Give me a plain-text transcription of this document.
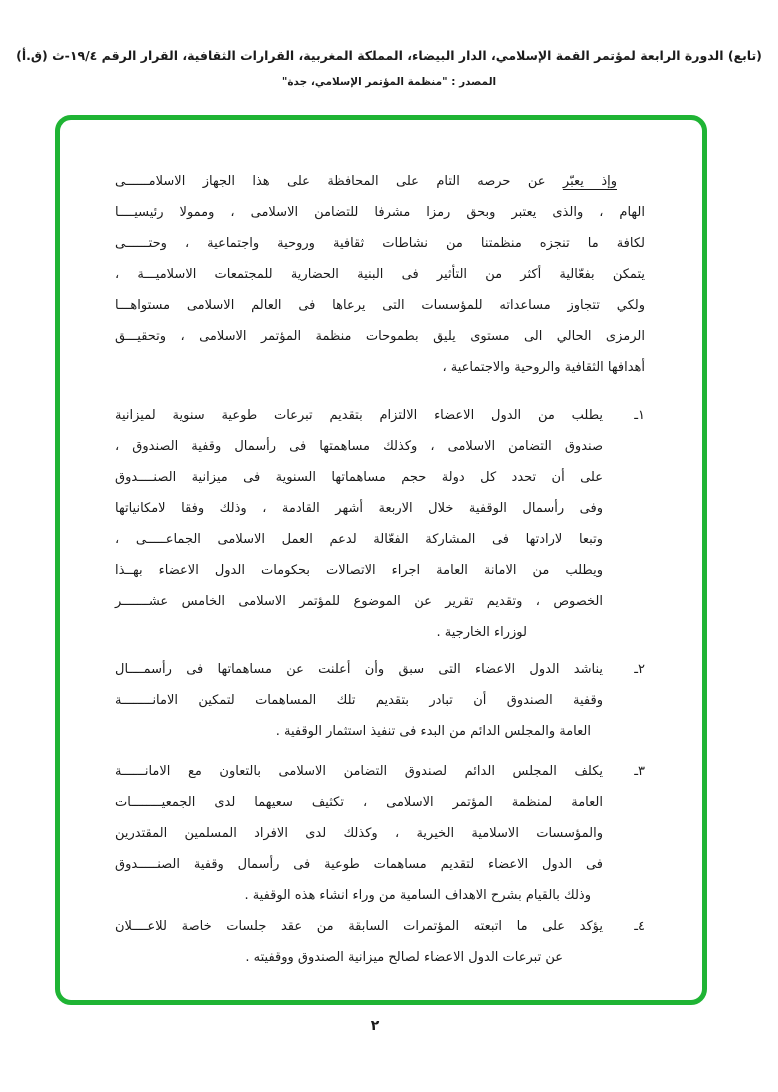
(تابع) الدورة الرابعة لمؤتمر القمة الإسلامي، الدار البيضاء، المملكة المغربية، القرارات الثقافية، القرار الرقم ١٩/٤-ث (ق.أ)
المصدر : "منظمة المؤتمر الإسلامي، جدة"
وإذ يعبّر عن حرصه التام على المحافظة على هذا الجهاز الاسلامــــــى
الهام ، والذى يعتبر وبحق رمزا مشرفا للتضامن الاسلامى ، وممولا رئيسيــــا
لكافة ما تنجزه منظمتنا من نشاطات ثقافية وروحية واجتماعية ، وحتــــــى
يتمكن بفعّالية أكثر من التأثير فى البنية الحضارية للمجتمعات الاسلاميـــة ،
ولكي تتجاوز مساعداته للمؤسسات التى يرعاها فى العالم الاسلامى مستواهـــا
الرمزى الحالي الى مستوى يليق بطموحات منظمة المؤتمر الاسلامى ، وتحقيـــق
أهدافها الثقافية والروحية والاجتماعية ،
١ـ
يطلب من الدول الاعضاء الالتزام بتقديم تبرعات طوعية سنوية لميزانية
صندوق التضامن الاسلامى ، وكذلك مساهمتها فى رأسمال وقفية الصندوق ،
على أن تحدد كل دولة حجم مساهماتها السنوية فى ميزانية الصنــــدوق
وفى رأسمال الوقفية خلال الاربعة أشهر القادمة ، وذلك وفقا لامكانياتها
وتبعا لارادتها فى المشاركة الفعّالة لدعم العمل الاسلامى الجماعـــــى ،
ويطلب من الامانة العامة اجراء الاتصالات بحكومات الدول الاعضاء بهــذا
الخصوص ، وتقديم تقرير عن الموضوع للمؤتمر الاسلامى الخامس عشـــــــر
لوزراء الخارجية .
٢ـ
يناشد الدول الاعضاء التى سبق وأن أعلنت عن مساهماتها فى رأسمــــال
وقفية الصندوق أن تبادر بتقديم تلك المساهمات لتمكين الامانــــــــة
العامة والمجلس الدائم من البدء فى تنفيذ استثمار الوقفية .
٣ـ
يكلف المجلس الدائم لصندوق التضامن الاسلامى بالتعاون مع الامانــــــة
العامة لمنظمة المؤتمر الاسلامى ، تكثيف سعيهما لدى الجمعيــــــــات
والمؤسسات الاسلامية الخيرية ، وكذلك لدى الافراد المسلمين المقتدرين
فى الدول الاعضاء لتقديم مساهمات طوعية فى رأسمال وقفية الصنـــــدوق
وذلك بالقيام بشرح الاهداف السامية من وراء انشاء هذه الوقفية .
٤ـ
يؤكد على ما اتبعته المؤتمرات السابقة من عقد جلسات خاصة للاعــــلان
عن تبرعات الدول الاعضاء لصالح ميزانية الصندوق ووقفيته .
٢
